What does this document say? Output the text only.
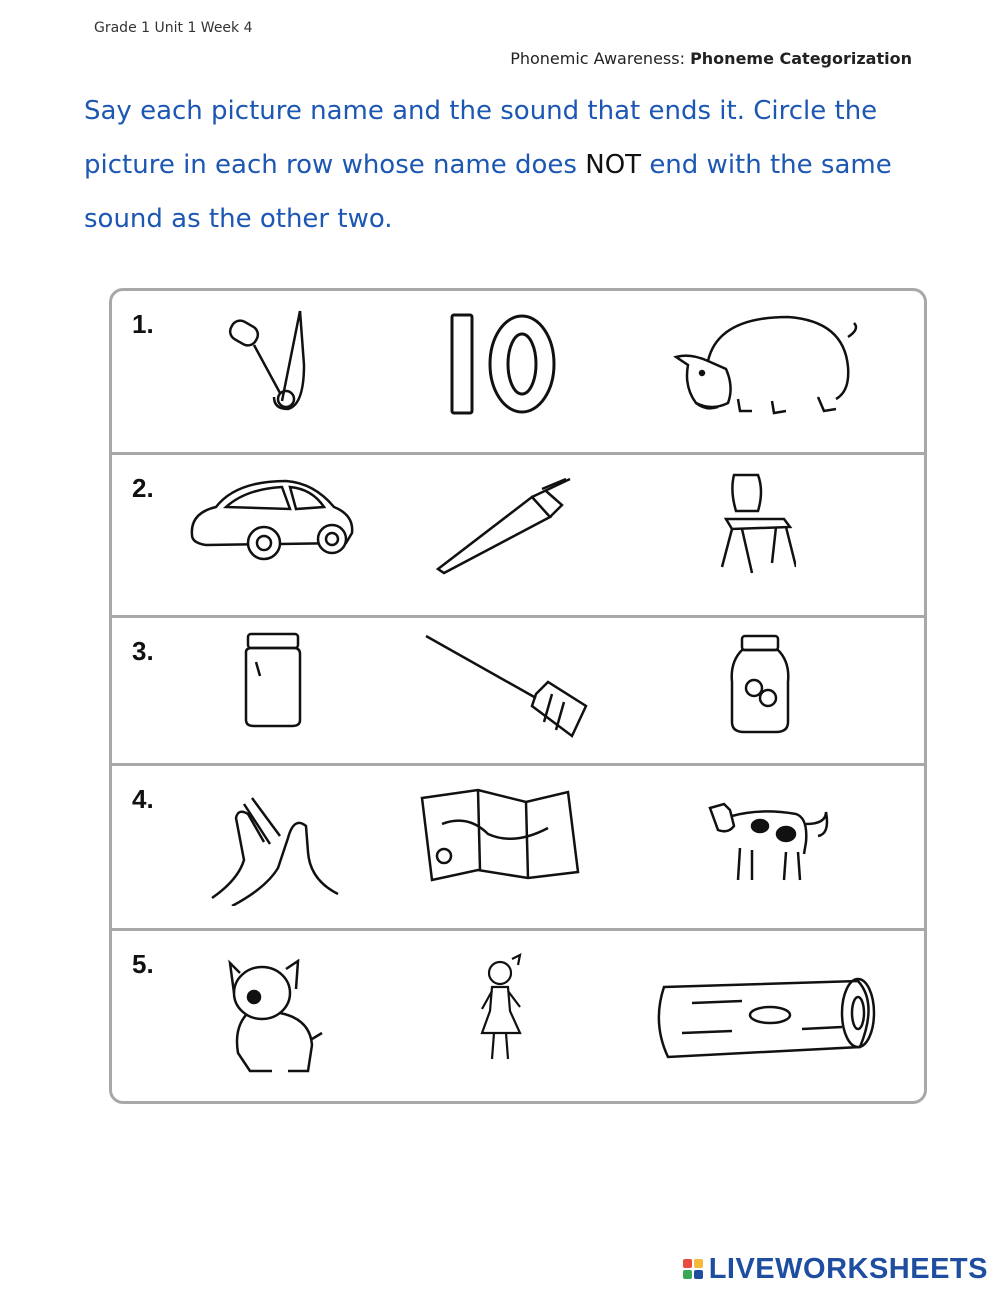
Grade 1 Unit 1 Week 4
Phonemic Awareness: Phoneme Categorization
Say each picture name and the sound that ends it. Circle the picture in each row whose name does NOT end with the same sound as the other two.
1.
2.
3.
4.
5.
LIVEWORKSHEETS
